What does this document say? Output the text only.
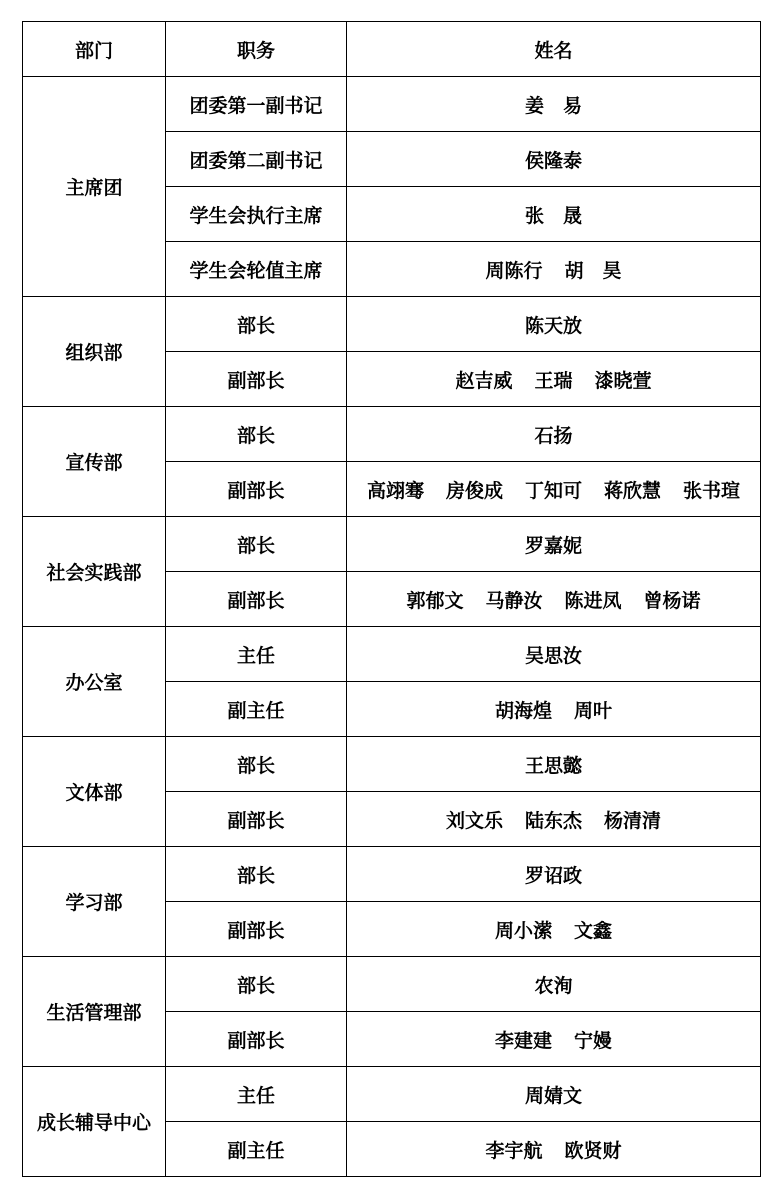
部门	职务	姓名
主席团	团委第一副书记	姜　易
	团委第二副书记	侯隆泰
	学生会执行主席	张　晟
	学生会轮值主席	周陈行 胡　昊
组织部	部长	陈天放
	副部长	赵吉威 王瑞 漆晓萱
宣传部	部长	石扬
	副部长	高翊骞 房俊成 丁知可 蒋欣慧 张书瑄
社会实践部	部长	罗嘉妮
	副部长	郭郁文 马静汝 陈进凤 曾杨诺
办公室	主任	吴思汝
	副主任	胡海煌 周叶
文体部	部长	王思懿
	副部长	刘文乐 陆东杰 杨清清
学习部	部长	罗诏政
	副部长	周小潆 文鑫
生活管理部	部长	农洵
	副部长	李建建 宁嫚
成长辅导中心	主任	周婧文
	副主任	李宇航 欧贤财
